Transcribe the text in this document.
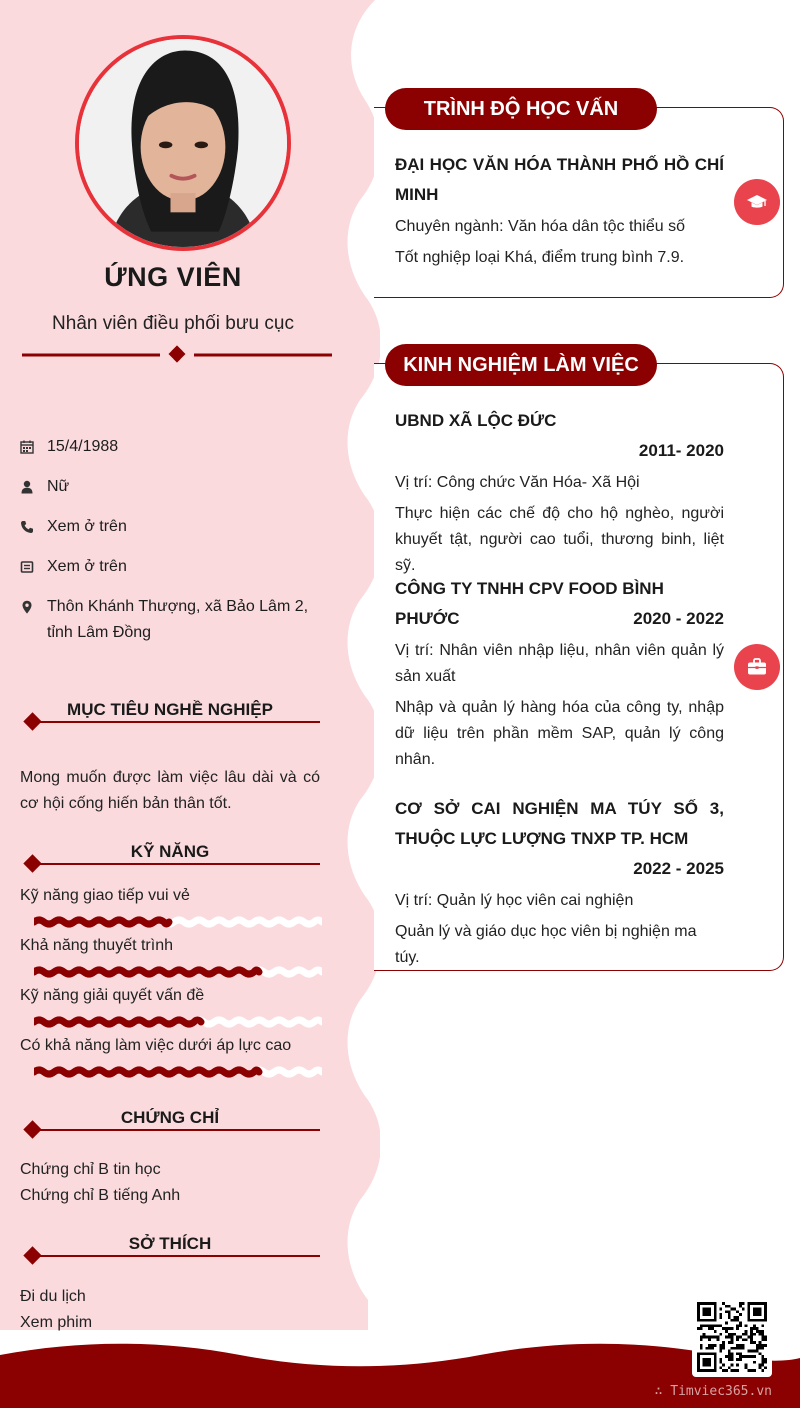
ỨNG VIÊN
Nhân viên điều phối bưu cục
15/4/1988
Nữ
Xem ở trên
Xem ở trên
Thôn Khánh Thượng, xã Bảo Lâm 2, tỉnh Lâm Đồng
MỤC TIÊU NGHỀ NGHIỆP
Mong muốn được làm việc lâu dài và có cơ hội cống hiến bản thân tốt.
KỸ NĂNG
Kỹ năng giao tiếp vui vẻ
Khả năng thuyết trình
Kỹ năng giải quyết vấn đề
Có khả năng làm việc dưới áp lực cao
CHỨNG CHỈ
Chứng chỉ B tin học
Chứng chỉ B tiếng Anh
SỞ THÍCH
Đi du lịch
Xem phim
TRÌNH ĐỘ HỌC VẤN
ĐẠI HỌC VĂN HÓA THÀNH PHỐ HỒ CHÍ MINH
Chuyên ngành: Văn hóa dân tộc thiểu số
Tốt nghiệp loại Khá, điểm trung bình 7.9.
KINH NGHIỆM LÀM VIỆC
UBND XÃ LỘC ĐỨC
2011- 2020
Vị trí: Công chức Văn Hóa- Xã Hội
Thực hiện các chế độ cho hộ nghèo, người khuyết tật, người cao tuổi, thương binh, liệt sỹ.
CÔNG TY TNHH CPV FOOD BÌNH PHƯỚC	2020 - 2022
Vị trí: Nhân viên nhập liệu, nhân viên quản lý sản xuất
Nhập và quản lý hàng hóa của công ty, nhập dữ liệu trên phần mềm SAP, quản lý công nhân.
CƠ SỞ CAI NGHIỆN MA TÚY SỐ 3, THUỘC LỰC LƯỢNG TNXP TP. HCM
2022 - 2025
Vị trí: Quản lý học viên cai nghiện
Quản lý và giáo dục học viên bị nghiện ma túy.
∴ Timviec365.vn
